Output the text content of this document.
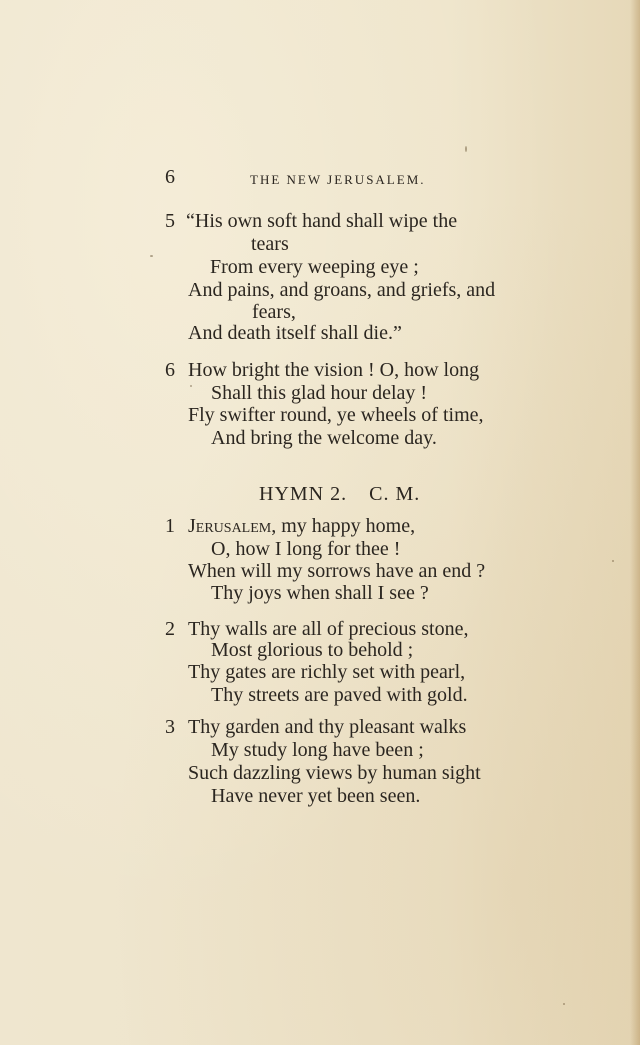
6	THE NEW JERUSALEM.
5 “His own soft hand shall wipe the
tears
From every weeping eye ;
And pains, and groans, and griefs, and
fears,
And death itself shall die.”
6 How bright the vision ! O, how long
Shall this glad hour delay !
Fly swifter round, ye wheels of time,
And bring the welcome day.
HYMN 2. C. M.
1 Jerusalem, my happy home,
O, how I long for thee !
When will my sorrows have an end ?
Thy joys when shall I see ?
2 Thy walls are all of precious stone,
Most glorious to behold ;
Thy gates are richly set with pearl,
Thy streets are paved with gold.
3 Thy garden and thy pleasant walks
My study long have been ;
Such dazzling views by human sight
Have never yet been seen.
